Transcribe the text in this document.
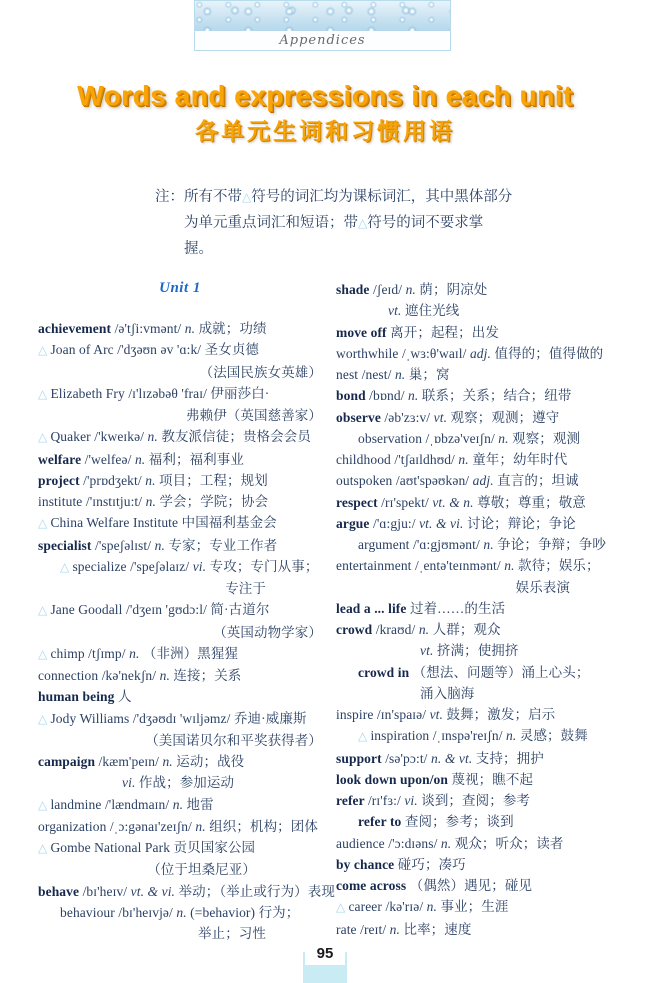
Appendices
Words and expressions in each unit
各单元生词和习惯用语
注：所有不带△符号的词汇均为课标词汇，其中黑体部分
为单元重点词汇和短语；带△符号的词不要求掌握。
Unit 1
achievement /ə'tʃi:vmənt/ n. 成就；功绩
△ Joan of Arc /'dʒəʊn əv 'ɑ:k/ 圣女贞德
（法国民族女英雄）
△ Elizabeth Fry /ɪ'lɪzəbəθ 'fraɪ/ 伊丽莎白·
弗赖伊（英国慈善家）
△ Quaker /'kweɪkə/ n. 教友派信徒；贵格会会员
welfare /'welfeə/ n. 福利；福利事业
project /'prɒdʒekt/ n. 项目；工程；规划
institute /'ɪnstɪtju:t/ n. 学会；学院；协会
△ China Welfare Institute 中国福利基金会
specialist /'speʃəlɪst/ n. 专家；专业工作者
△ specialize /'speʃəlaɪz/ vi. 专攻；专门从事；
专注于
△ Jane Goodall /'dʒeɪn 'gʊdɔ:l/ 简·古道尔
（英国动物学家）
△ chimp /tʃɪmp/ n. （非洲）黑猩猩
connection /kə'nekʃn/ n. 连接；关系
human being 人
△ Jody Williams /'dʒəʊdɪ 'wɪljəmz/ 乔迪·威廉斯
（美国诺贝尔和平奖获得者）
campaign /kæm'peɪn/ n. 运动；战役
vi. 作战；参加运动
△ landmine /'lændmaɪn/ n. 地雷
organization /ˌɔ:gənaɪ'zeɪʃn/ n. 组织；机构；团体
△ Gombe National Park 贡贝国家公园
（位于坦桑尼亚）
behave /bɪ'heɪv/ vt. & vi. 举动；（举止或行为）表现
behaviour /bɪ'heɪvjə/ n. (=behavior) 行为；
举止；习性
shade /ʃeɪd/ n. 荫；阴凉处
vt. 遮住光线
move off 离开；起程；出发
worthwhile /ˌwɜ:θ'waɪl/ adj. 值得的；值得做的
nest /nest/ n. 巢；窝
bond /bɒnd/ n. 联系；关系；结合；纽带
observe /əb'zɜ:v/ vt. 观察；观测；遵守
observation /ˌɒbzə'veɪʃn/ n. 观察；观测
childhood /'tʃaɪldhʊd/ n. 童年；幼年时代
outspoken /aʊt'spəʊkən/ adj. 直言的；坦诚
respect /rɪ'spekt/ vt. & n. 尊敬；尊重；敬意
argue /'ɑ:gju:/ vt. & vi. 讨论；辩论；争论
argument /'ɑ:gjʊmənt/ n. 争论；争辩；争吵
entertainment /ˌentə'teɪnmənt/ n. 款待；娱乐；
娱乐表演
lead a ... life 过着……的生活
crowd /kraʊd/ n. 人群；观众
vt. 挤满；使拥挤
crowd in （想法、问题等）涌上心头；
涌入脑海
inspire /ɪn'spaɪə/ vt. 鼓舞；激发；启示
△ inspiration /ˌɪnspə'reɪʃn/ n. 灵感；鼓舞
support /sə'pɔ:t/ n. & vt. 支持；拥护
look down upon/on 蔑视；瞧不起
refer /rɪ'fɜ:/ vi. 谈到；查阅；参考
refer to 查阅；参考；谈到
audience /'ɔ:dɪəns/ n. 观众；听众；读者
by chance 碰巧；凑巧
come across （偶然）遇见；碰见
△ career /kə'rɪə/ n. 事业；生涯
rate /reɪt/ n. 比率；速度
95
